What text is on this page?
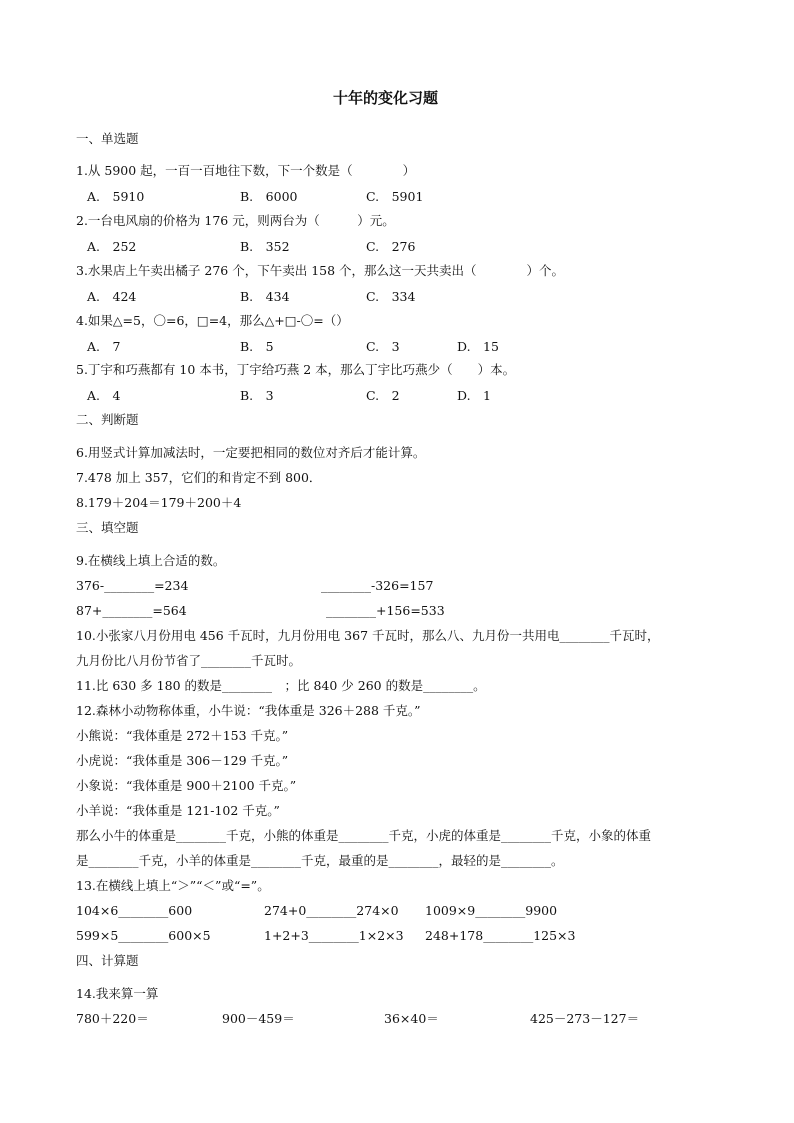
十年的变化习题
一、单选题
1.从 5900 起，一百一百地往下数，下一个数是（　　　　）
A.　5910	B.　6000	C.　5901
2.一台电风扇的价格为 176 元，则两台为（　　　）元。
A.　252	B.　352	C.　276
3.水果店上午卖出橘子 276 个，下午卖出 158 个，那么这一天共卖出（　　　　）个。
A.　424	B.　434	C.　334
4.如果△=5，〇=6，□=4，那么△+□-〇=（）
A.　7	B.　5	C.　3	D.　15
5.丁宇和巧燕都有 10 本书，丁宇给巧燕 2 本，那么丁宇比巧燕少（　　）本。
A.　4	B.　3	C.　2	D.　1
二、判断题
6.用竖式计算加减法时，一定要把相同的数位对齐后才能计算。
7.478 加上 357，它们的和肯定不到 800．
8.179＋204＝179＋200＋4
三、填空题
9.在横线上填上合适的数。
376-________=234	________-326=157
87+________=564	________+156=533
10.小张家八月份用电 456 千瓦时，九月份用电 367 千瓦时，那么八、九月份一共用电________千瓦时，
九月份比八月份节省了________千瓦时。
11.比 630 多 180 的数是________　；比 840 少 260 的数是________。
12.森林小动物称体重，小牛说：“我体重是 326＋288 千克。”
小熊说：“我体重是 272＋153 千克。”
小虎说：“我体重是 306－129 千克。”
小象说：“我体重是 900＋2100 千克。”
小羊说：“我体重是 121-102 千克。”
那么小牛的体重是________千克，小熊的体重是________千克，小虎的体重是________千克，小象的体重
是________千克，小羊的体重是________千克，最重的是________，最轻的是________。
13.在横线上填上“＞”“＜”或“=”。
104×6________600	274+0________274×0 1009×9________9900
599×5________600×5	1+2+3________1×2×3 248+178________125×3
四、计算题
14.我来算一算
780＋220＝	900－459＝	36×40＝	425－273－127＝
